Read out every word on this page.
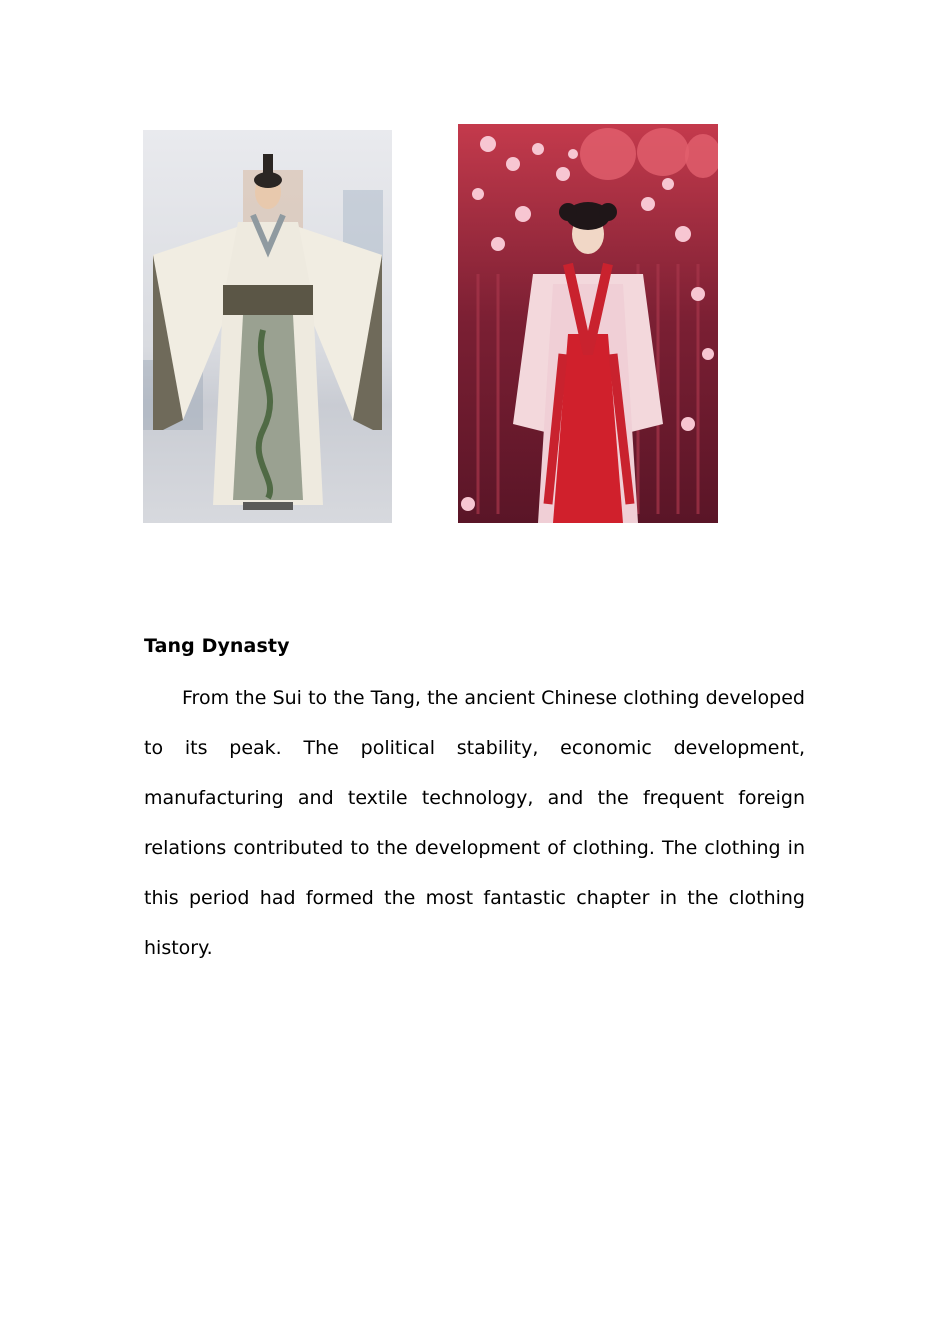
Tang Dynasty

From the Sui to the Tang, the ancient Chinese clothing developed to its peak. The political stability, economic development, manufacturing and textile technology, and the frequent foreign relations contributed to the development of clothing. The clothing in this period had formed the most fantastic chapter in the clothing history.
